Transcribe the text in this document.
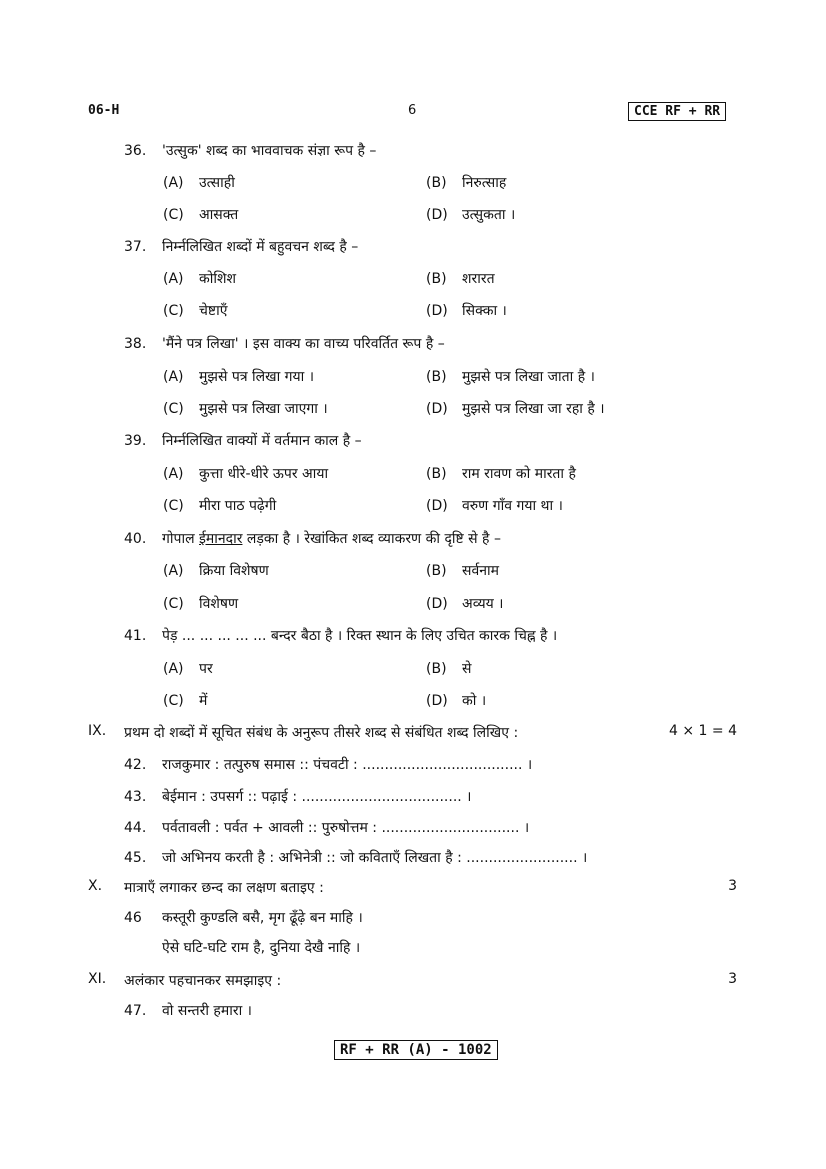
06-H	6	CCE RF + RR
36. 'उत्सुक' शब्द का भाववाचक संज्ञा रूप है –
(A) उत्साही	(B) निरुत्साह
(C) आसक्त	(D) उत्सुकता ।
37. निर्म्नलिखित शब्दों में बहुवचन शब्द है –
(A) कोशिश	(B) शरारत
(C) चेष्टाएँ	(D) सिक्का ।
38. 'मैंने पत्र लिखा' । इस वाक्य का वाच्य परिवर्तित रूप है –
(A) मुझसे पत्र लिखा गया ।	(B) मुझसे पत्र लिखा जाता है ।
(C) मुझसे पत्र लिखा जाएगा ।	(D) मुझसे पत्र लिखा जा रहा है ।
39. निर्म्नलिखित वाक्यों में वर्तमान काल है –
(A) कुत्ता धीरे-धीरे ऊपर आया	(B) राम रावण को मारता है
(C) मीरा पाठ पढ़ेगी	(D) वरुण गाँव गया था ।
40. गोपाल ईमानदार लड़का है । रेखांकित शब्द व्याकरण की दृष्टि से है –
(A) क्रिया विशेषण	(B) सर्वनाम
(C) विशेषण	(D) अव्यय ।
41. पेड़ ... ... ... ... ... बन्दर बैठा है । रिक्त स्थान के लिए उचित कारक चिह्न है ।
(A) पर	(B) से
(C) में	(D) को ।
IX. प्रथम दो शब्दों में सूचित संबंध के अनुरूप तीसरे शब्द से संबंधित शब्द लिखिए :	4 × 1 = 4
42. राजकुमार : तत्पुरुष समास :: पंचवटी : .................................... ।
43. बेईमान : उपसर्ग :: पढ़ाई : .................................... ।
44. पर्वतावली : पर्वत + आवली :: पुरुषोत्तम : ............................... ।
45. जो अभिनय करती है : अभिनेत्री :: जो कविताएँ लिखता है : ......................... ।
X. मात्राएँ लगाकर छन्द का लक्षण बताइए :	3
46 कस्तूरी कुण्डलि बसै, मृग ढूँढ़े बन माहि ।
ऐसे घटि-घटि राम है, दुनिया देखै नाहि ।
XI. अलंकार पहचानकर समझाइए :	3
47. वो सन्तरी हमारा ।
RF + RR (A) - 1002
